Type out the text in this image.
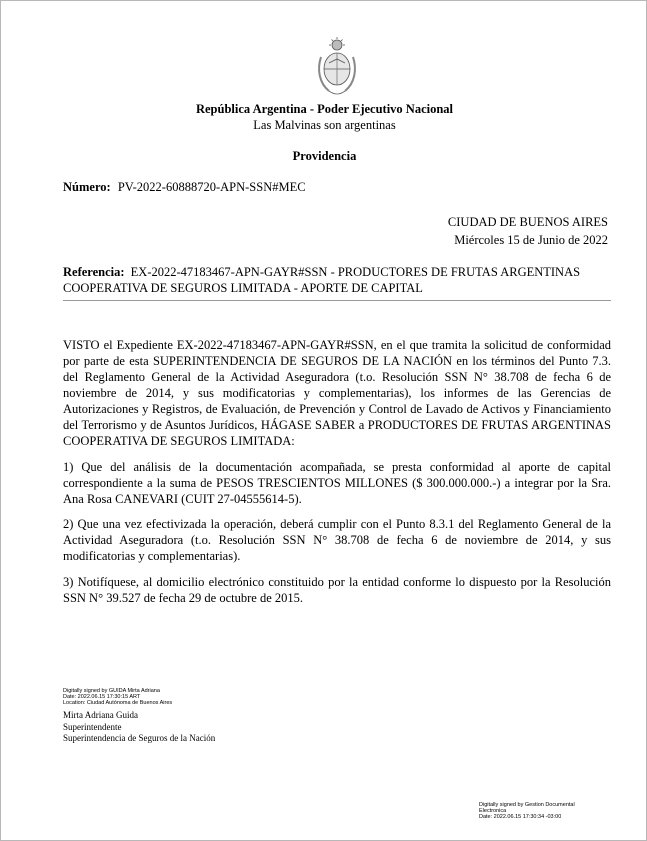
República Argentina - Poder Ejecutivo Nacional
Las Malvinas son argentinas
Providencia
Número: PV-2022-60888720-APN-SSN#MEC
CIUDAD DE BUENOS AIRES
Miércoles 15 de Junio de 2022
Referencia: EX-2022-47183467-APN-GAYR#SSN - PRODUCTORES DE FRUTAS ARGENTINAS COOPERATIVA DE SEGUROS LIMITADA - APORTE DE CAPITAL
VISTO el Expediente EX-2022-47183467-APN-GAYR#SSN, en el que tramita la solicitud de conformidad por parte de esta SUPERINTENDENCIA DE SEGUROS DE LA NACIÓN en los términos del Punto 7.3. del Reglamento General de la Actividad Aseguradora (t.o. Resolución SSN N° 38.708 de fecha 6 de noviembre de 2014, y sus modificatorias y complementarias), los informes de las Gerencias de Autorizaciones y Registros, de Evaluación, de Prevención y Control de Lavado de Activos y Financiamiento del Terrorismo y de Asuntos Jurídicos, HÁGASE SABER a PRODUCTORES DE FRUTAS ARGENTINAS COOPERATIVA DE SEGUROS LIMITADA:
1) Que del análisis de la documentación acompañada, se presta conformidad al aporte de capital correspondiente a la suma de PESOS TRESCIENTOS MILLONES ($ 300.000.000.-) a integrar por la Sra. Ana Rosa CANEVARI (CUIT 27-04555614-5).
2) Que una vez efectivizada la operación, deberá cumplir con el Punto 8.3.1 del Reglamento General de la Actividad Aseguradora (t.o. Resolución SSN N° 38.708 de fecha 6 de noviembre de 2014, y sus modificatorias y complementarias).
3) Notifíquese, al domicilio electrónico constituido por la entidad conforme lo dispuesto por la Resolución SSN N° 39.527 de fecha 29 de octubre de 2015.
Digitally signed by GUIDA Mirta Adriana
Date: 2022.06.15 17:30:15 ART
Location: Ciudad Autónoma de Buenos Aires
Mirta Adriana Guida
Superintendente
Superintendencia de Seguros de la Nación
Digitally signed by Gestion Documental
Electronica
Date: 2022.06.15 17:30:34 -03:00
